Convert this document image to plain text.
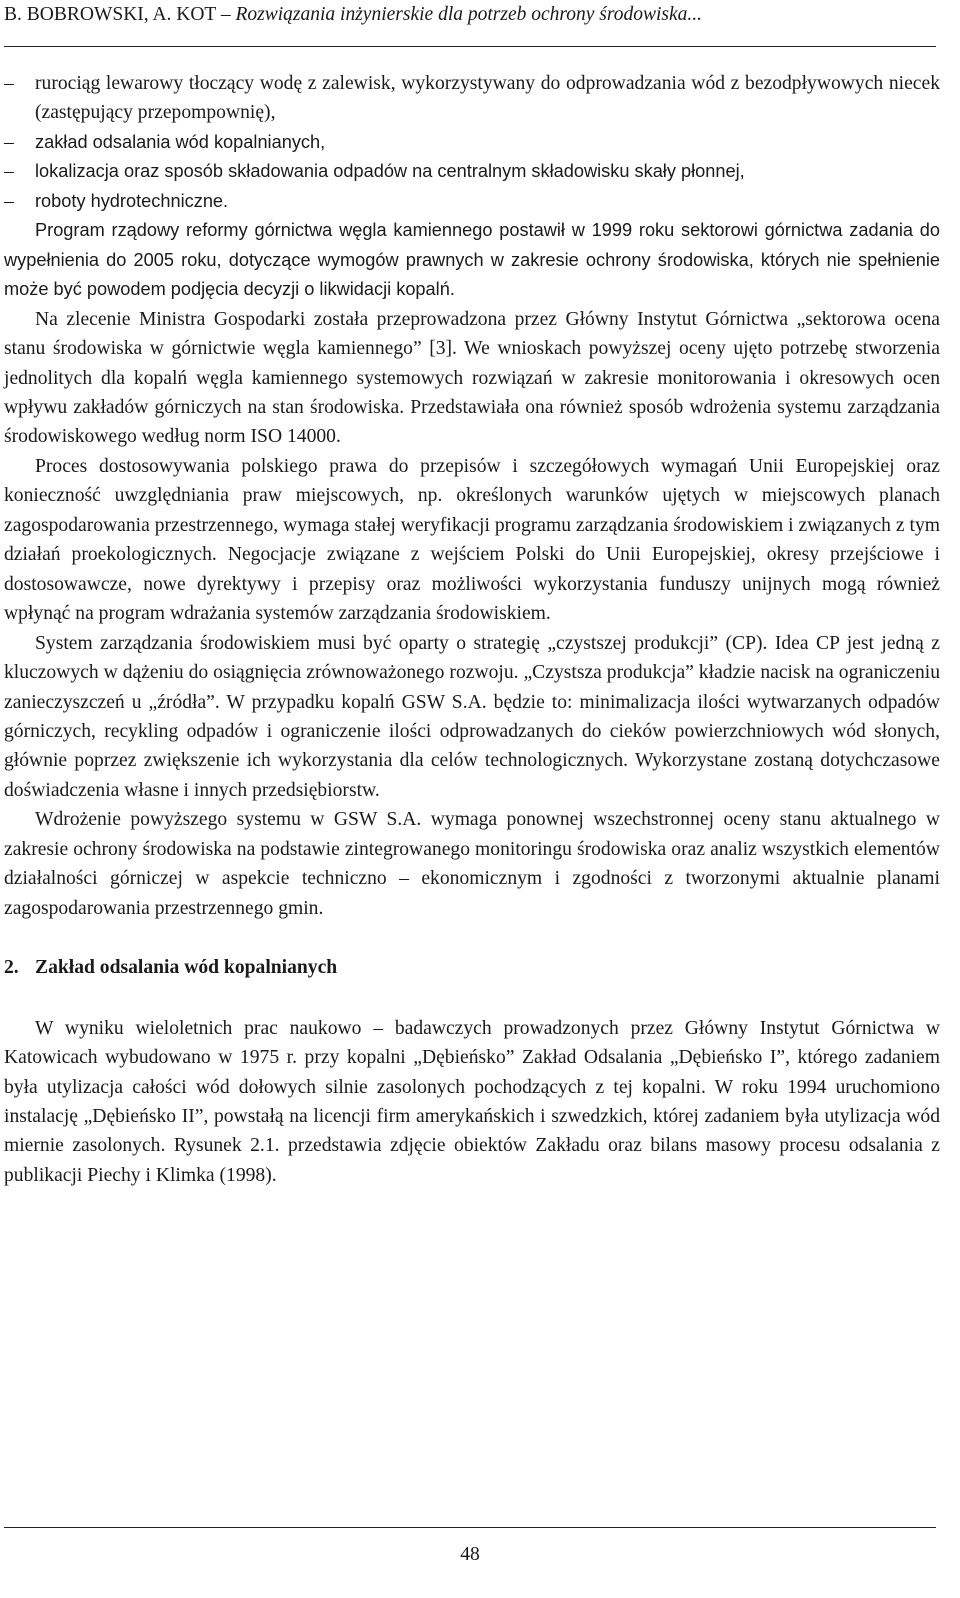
B. BOBROWSKI, A. KOT – Rozwiązania inżynierskie dla potrzeb ochrony środowiska...
–	rurociąg lewarowy tłoczący wodę z zalewisk, wykorzystywany do odprowadzania wód z bezodpływowych niecek (zastępujący przepompownię),
–	zakład odsalania wód kopalnianych,
–	lokalizacja oraz sposób składowania odpadów na centralnym składowisku skały płonnej,
–	roboty hydrotechniczne.

Program rządowy reformy górnictwa węgla kamiennego postawił w 1999 roku sektorowi górnictwa zadania do wypełnienia do 2005 roku, dotyczące wymogów prawnych w zakresie ochrony środowiska, których nie spełnienie może być powodem podjęcia decyzji o likwidacji kopalń.

Na zlecenie Ministra Gospodarki została przeprowadzona przez Główny Instytut Górnictwa „sektorowa ocena stanu środowiska w górnictwie węgla kamiennego” [3]. We wnioskach powyższej oceny ujęto potrzebę stworzenia jednolitych dla kopalń węgla kamiennego systemowych rozwiązań w zakresie monitorowania i okresowych ocen wpływu zakładów górniczych na stan środowiska. Przedstawiała ona również sposób wdrożenia systemu zarządzania środowiskowego według norm ISO 14000.

Proces dostosowywania polskiego prawa do przepisów i szczegółowych wymagań Unii Europejskiej oraz konieczność uwzględniania praw miejscowych, np. określonych warunków ujętych w miejscowych planach zagospodarowania przestrzennego, wymaga stałej weryfikacji programu zarządzania środowiskiem i związanych z tym działań proekologicznych. Negocjacje związane z wejściem Polski do Unii Europejskiej, okresy przejściowe i dostosowawcze, nowe dyrektywy i przepisy oraz możliwości wykorzystania funduszy unijnych mogą również wpłynąć na program wdrażania systemów zarządzania środowiskiem.

System zarządzania środowiskiem musi być oparty o strategię „czystszej produkcji” (CP). Idea CP jest jedną z kluczowych w dążeniu do osiągnięcia zrównoważonego rozwoju. „Czystsza produkcja” kładzie nacisk na ograniczeniu zanieczyszczeń u „źródła”. W przypadku kopalń GSW S.A. będzie to: minimalizacja ilości wytwarzanych odpadów górniczych, recykling odpadów i ograniczenie ilości odprowadzanych do cieków powierzchniowych wód słonych, głównie poprzez zwiększenie ich wykorzystania dla celów technologicznych. Wykorzystane zostaną dotychczasowe doświadczenia własne i innych przedsiębiorstw.

Wdrożenie powyższego systemu w GSW S.A. wymaga ponownej wszechstronnej oceny stanu aktualnego w zakresie ochrony środowiska na podstawie zintegrowanego monitoringu środowiska oraz analiz wszystkich elementów działalności górniczej w aspekcie techniczno – ekonomicznym i zgodności z tworzonymi aktualnie planami zagospodarowania przestrzennego gmin.

2. Zakład odsalania wód kopalnianych

W wyniku wieloletnich prac naukowo – badawczych prowadzonych przez Główny Instytut Górnictwa w Katowicach wybudowano w 1975 r. przy kopalni „Dębieńsko” Zakład Odsalania „Dębieńsko I”, którego zadaniem była utylizacja całości wód dołowych silnie zasolonych pochodzących z tej kopalni. W roku 1994 uruchomiono instalację „Dębieńsko II”, powstałą na licencji firm amerykańskich i szwedzkich, której zadaniem była utylizacja wód miernie zasolonych. Rysunek 2.1. przedstawia zdjęcie obiektów Zakładu oraz bilans masowy procesu odsalania z publikacji Piechy i Klimka (1998).

48
